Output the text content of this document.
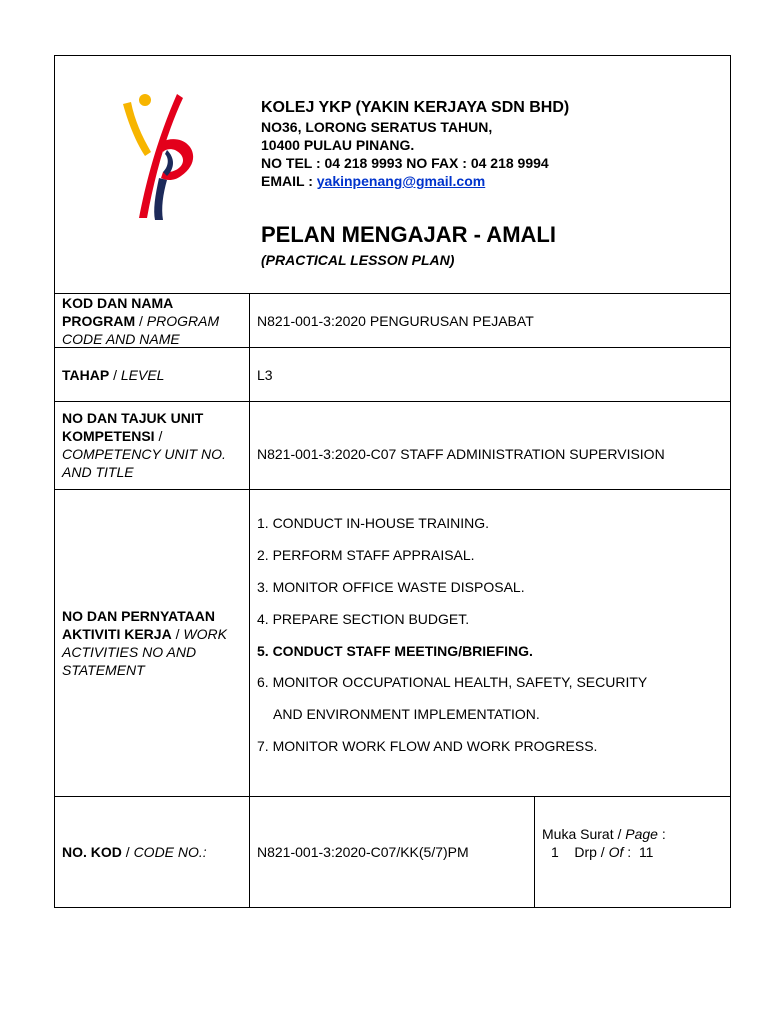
KOLEJ YKP (YAKIN KERJAYA SDN BHD)
NO36, LORONG SERATUS TAHUN,
10400 PULAU PINANG.
NO TEL : 04 218 9993 NO FAX : 04 218 9994
EMAIL : yakinpenang@gmail.com
PELAN MENGAJAR - AMALI
(PRACTICAL LESSON PLAN)
KOD DAN NAMA PROGRAM / PROGRAM CODE AND NAME
N821-001-3:2020 PENGURUSAN PEJABAT
TAHAP / LEVEL	L3
NO DAN TAJUK UNIT KOMPETENSI / COMPETENCY UNIT NO. AND TITLE
N821-001-3:2020-C07 STAFF ADMINISTRATION SUPERVISION
NO DAN PERNYATAAN AKTIVITI KERJA / WORK ACTIVITIES NO AND STATEMENT
1. CONDUCT IN-HOUSE TRAINING.
2. PERFORM STAFF APPRAISAL.
3. MONITOR OFFICE WASTE DISPOSAL.
4. PREPARE SECTION BUDGET.
5. CONDUCT STAFF MEETING/BRIEFING.
6. MONITOR OCCUPATIONAL HEALTH, SAFETY, SECURITY
AND ENVIRONMENT IMPLEMENTATION.
7. MONITOR WORK FLOW AND WORK PROGRESS.
NO. KOD / CODE NO.:	N821-001-3:2020-C07/KK(5/7)PM
Muka Surat / Page :
1 Drp / Of : 11
